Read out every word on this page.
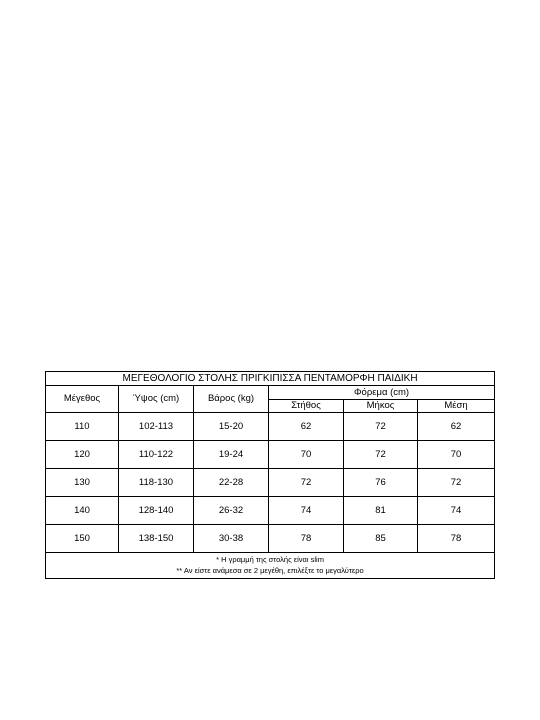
ΜΕΓΕΘΟΛΟΓΙΟ ΣΤΟΛΗΣ ΠΡΙΓΚΙΠΙΣΣΑ ΠΕΝΤΑΜΟΡΦΗ ΠΑΙΔΙΚΗ					
Μέγεθος	Ύψος (cm)	Βάρος (kg)	Φόρεμα (cm)		
			Στήθος	Μήκος	Μέση
110	102-113	15-20	62	72	62
120	110-122	19-24	70	72	70
130	118-130	22-28	72	76	72
140	128-140	26-32	74	81	74
150	138-150	30-38	78	85	78

* Η γραμμή της στολής είναι slim
** Αν είστε ανάμεσα σε 2 μεγέθη, επιλέξτε το μεγαλύτερο					
